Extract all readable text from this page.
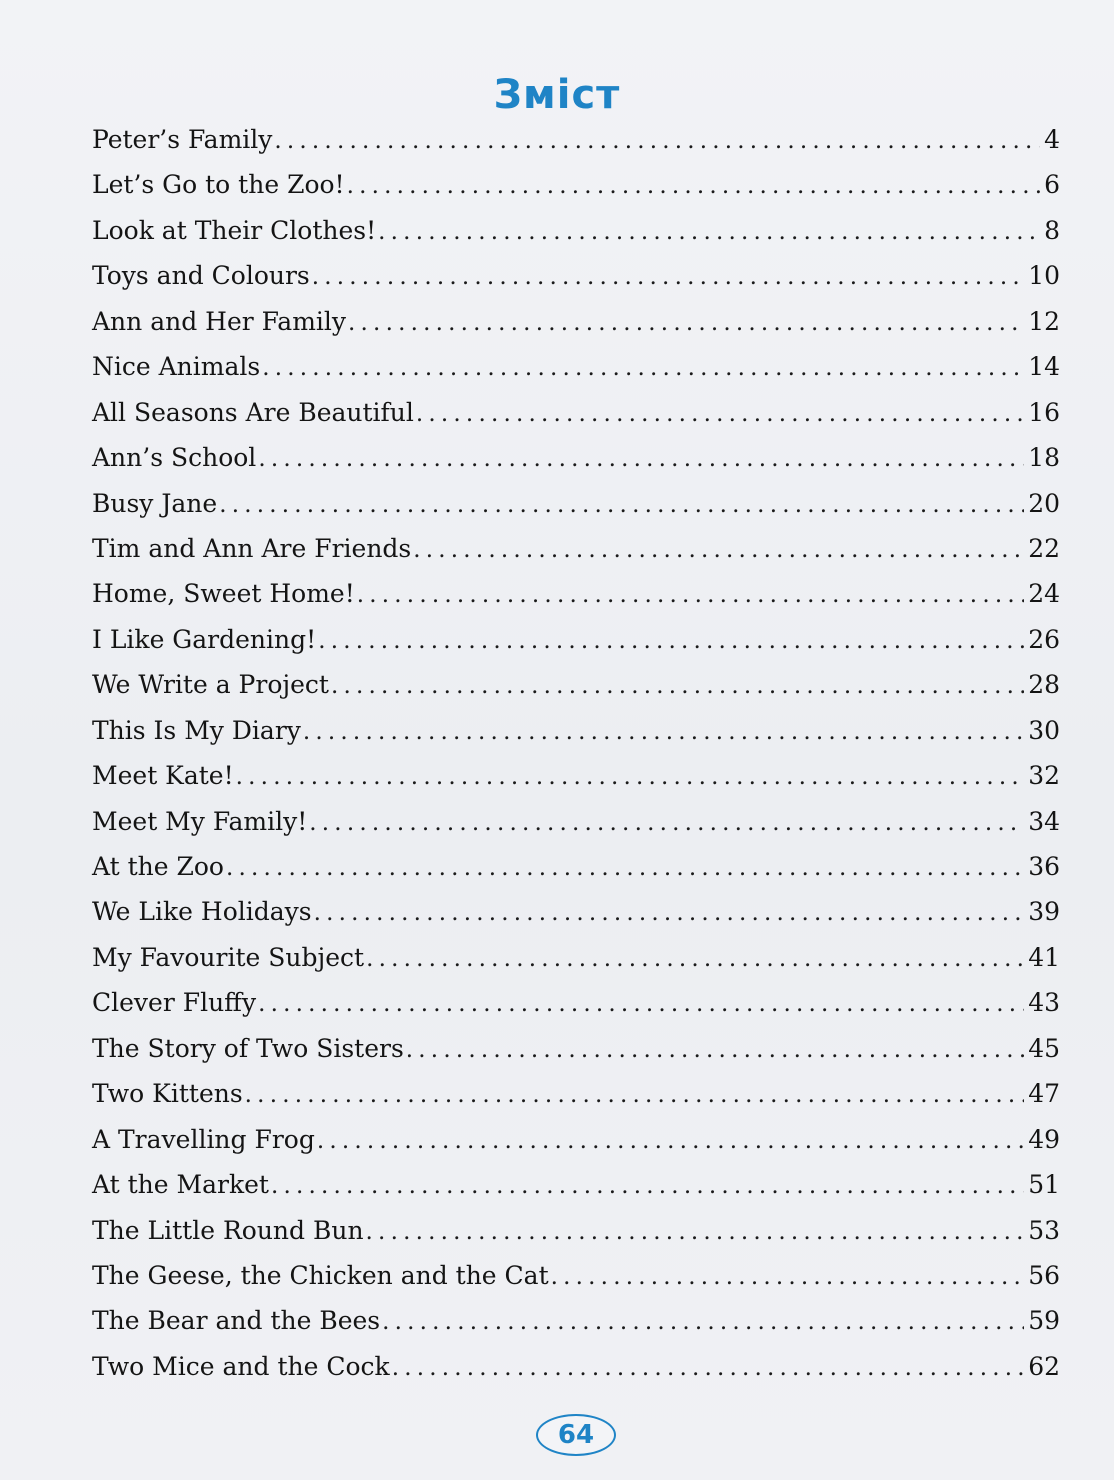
Зміст
Peter’s Family .....	4
Let’s Go to the Zoo! .....	6
Look at Their Clothes! .....	8
Toys and Colours .....	10
Ann and Her Family .....	12
Nice Animals .....	14
All Seasons Are Beautiful .....	16
Ann’s School .....	18
Busy Jane .....	20
Tim and Ann Are Friends .....	22
Home, Sweet Home! .....	24
I Like Gardening! .....	26
We Write a Project .....	28
This Is My Diary .....	30
Meet Kate! .....	32
Meet My Family! .....	34
At the Zoo .....	36
We Like Holidays .....	39
My Favourite Subject .....	41
Clever Fluffy .....	43
The Story of Two Sisters .....	45
Two Kittens .....	47
A Travelling Frog .....	49
At the Market .....	51
The Little Round Bun .....	53
The Geese, the Chicken and the Cat .....	56
The Bear and the Bees .....	59
Two Mice and the Cock .....	62
64
